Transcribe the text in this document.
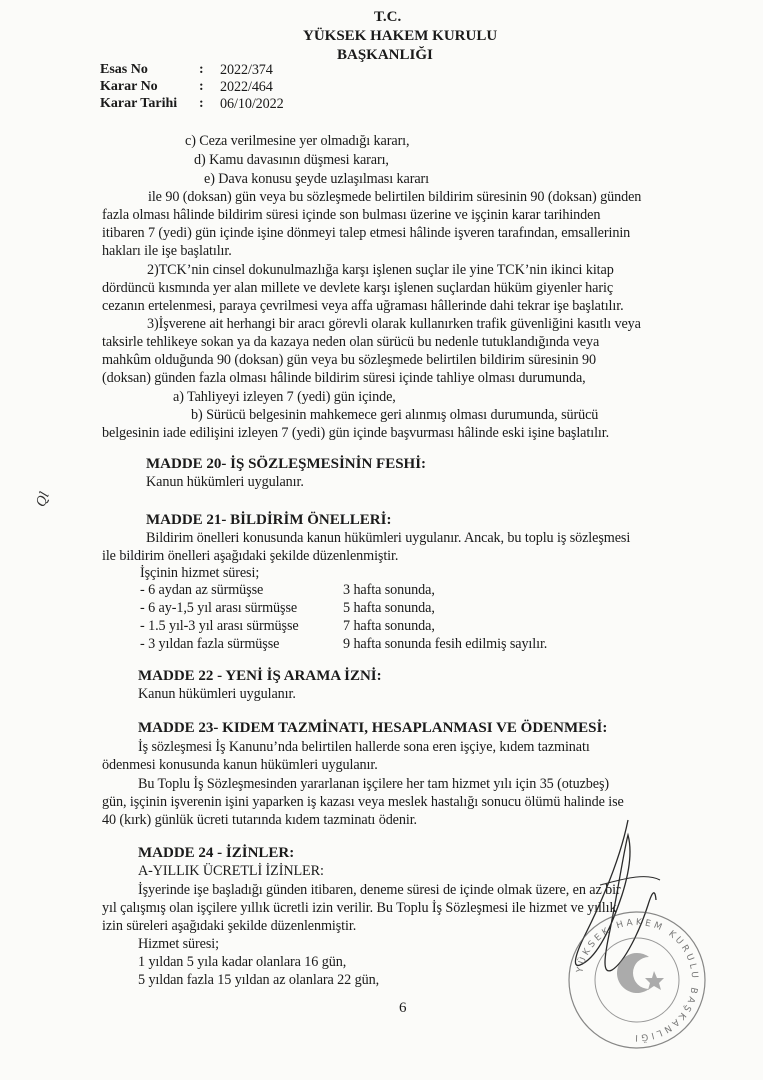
T.C.
YÜKSEK HAKEM KURULU
BAŞKANLIĞI
Esas No	: 2022/374
Karar No	: 2022/464
Karar Tarihi : 06/10/2022
c) Ceza verilmesine yer olmadığı kararı,
d) Kamu davasının düşmesi kararı,
e) Dava konusu şeyde uzlaşılması kararı
ile 90 (doksan) gün veya bu sözleşmede belirtilen bildirim süresinin 90 (doksan) günden
fazla olması hâlinde bildirim süresi içinde son bulması üzerine ve işçinin karar tarihinden
itibaren 7 (yedi) gün içinde işine dönmeyi talep etmesi hâlinde işveren tarafından, emsallerinin
hakları ile işe başlatılır.
2)TCK’nin cinsel dokunulmazlığa karşı işlenen suçlar ile yine TCK’nin ikinci kitap
dördüncü kısmında yer alan millete ve devlete karşı işlenen suçlardan hüküm giyenler hariç
cezanın ertelenmesi, paraya çevrilmesi veya affa uğraması hâllerinde dahi tekrar işe başlatılır.
3)İşverene ait herhangi bir aracı görevli olarak kullanırken trafik güvenliğini kasıtlı veya
taksirle tehlikeye sokan ya da kazaya neden olan sürücü bu nedenle tutuklandığında veya
mahkûm olduğunda 90 (doksan) gün veya bu sözleşmede belirtilen bildirim süresinin 90
(doksan) günden fazla olması hâlinde bildirim süresi içinde tahliye olması durumunda,
a) Tahliyeyi izleyen 7 (yedi) gün içinde,
b) Sürücü belgesinin mahkemece geri alınmış olması durumunda, sürücü
belgesinin iade edilişini izleyen 7 (yedi) gün içinde başvurması hâlinde eski işine başlatılır.
MADDE 20- İŞ SÖZLEŞMESİNİN FESHİ:
Kanun hükümleri uygulanır.
Ql
MADDE 21- BİLDİRİM ÖNELLERİ:
Bildirim önelleri konusunda kanun hükümleri uygulanır. Ancak, bu toplu iş sözleşmesi
ile bildirim önelleri aşağıdaki şekilde düzenlenmiştir.
İşçinin hizmet süresi;
- 6 aydan az sürmüşse	3 hafta sonunda,
- 6 ay-1,5 yıl arası sürmüşse	5 hafta sonunda,
- 1.5 yıl-3 yıl arası sürmüşse	7 hafta sonunda,
- 3 yıldan fazla sürmüşse	9 hafta sonunda fesih edilmiş sayılır.
MADDE 22 - YENİ İŞ ARAMA İZNİ:
Kanun hükümleri uygulanır.
MADDE 23- KIDEM TAZMİNATI, HESAPLANMASI VE ÖDENMESİ:
İş sözleşmesi İş Kanunu’nda belirtilen hallerde sona eren işçiye, kıdem tazminatı
ödenmesi konusunda kanun hükümleri uygulanır.
Bu Toplu İş Sözleşmesinden yararlanan işçilere her tam hizmet yılı için 35 (otuzbeş)
gün, işçinin işverenin işini yaparken iş kazası veya meslek hastalığı sonucu ölümü halinde ise
40 (kırk) günlük ücreti tutarında kıdem tazminatı ödenir.
MADDE 24 - İZİNLER:
A-YILLIK ÜCRETLİ İZİNLER:
İşyerinde işe başladığı günden itibaren, deneme süresi de içinde olmak üzere, en az bir
yıl çalışmış olan işçilere yıllık ücretli izin verilir. Bu Toplu İş Sözleşmesi ile hizmet ve yıllık
izin süreleri aşağıdaki şekilde düzenlenmiştir.
Hizmet süresi;
1 yıldan 5 yıla kadar olanlara 16 gün,
5 yıldan fazla 15 yıldan az olanlara 22 gün,
YÜKSEK HAKEM KURULU BAŞKANLIĞI
6
